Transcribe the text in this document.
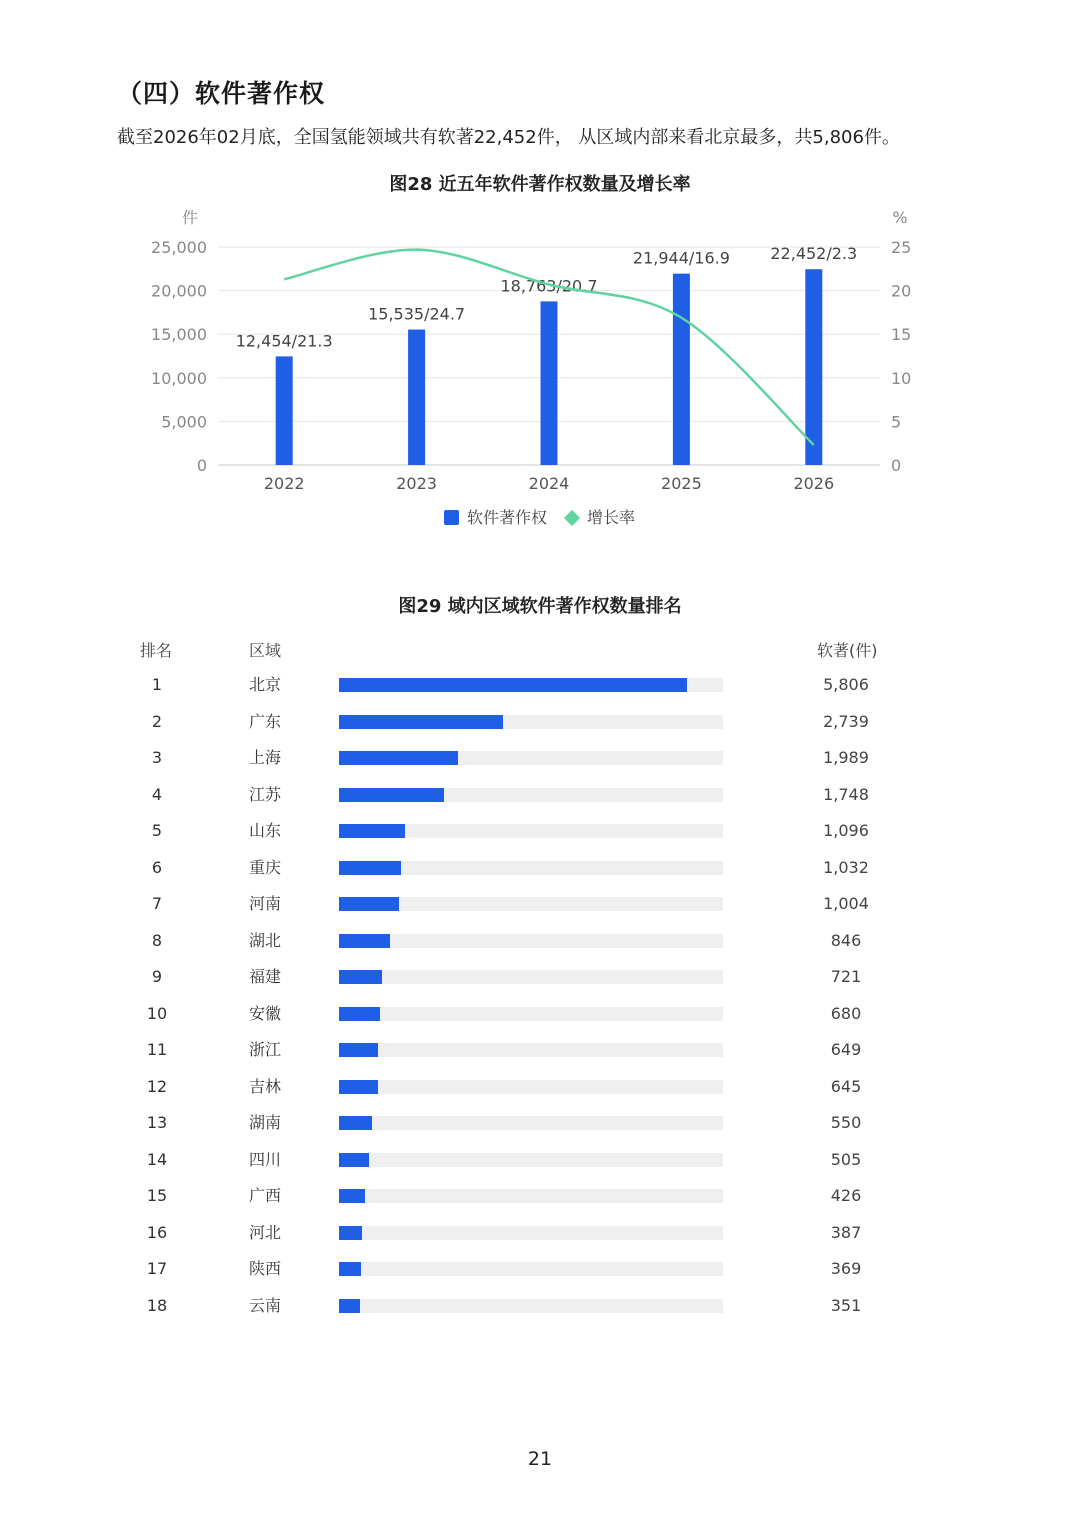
（四）软件著作权
截至2026年02月底，全国氢能领域共有软著22,452件， 从区域内部来看北京最多，共5,806件。
图28 近五年软件著作权数量及增长率
0
5,000
10,000
15,000
20,000
25,000
0
5
10
15
20
25
件	%
12,454/21.3
2022
15,535/24.7
2023
18,763/20.7
2024
21,944/16.9
2025
22,452/2.3
2026
软件著作权 增长率
图29 域内区域软件著作权数量排名
排名	区域	软著(件)
1	北京	5,806
2	广东	2,739
3	上海	1,989
4	江苏	1,748
5	山东	1,096
6	重庆	1,032
7	河南	1,004
8	湖北	846
9	福建	721
10	安徽	680
11	浙江	649
12	吉林	645
13	湖南	550
14	四川	505
15	广西	426
16	河北	387
17	陕西	369
18	云南	351
21
